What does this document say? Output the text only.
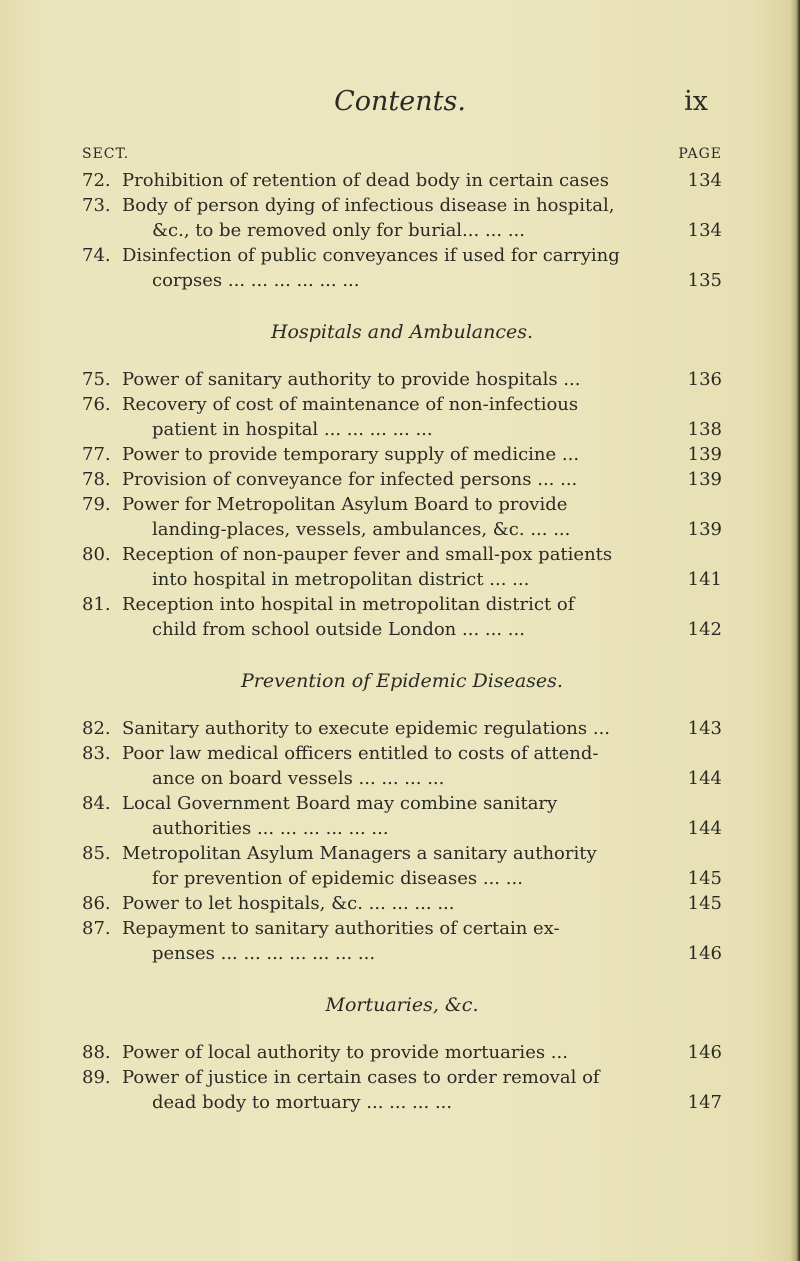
Contents.	ix
SECT.	PAGE
72. Prohibition of retention of dead body in certain cases	134
73. Body of person dying of infectious disease in hospital,
&c., to be removed only for burial... ... ...	134
74. Disinfection of public conveyances if used for carrying
corpses ... ... ... ... ... ...	135
Hospitals and Ambulances.
75. Power of sanitary authority to provide hospitals ...	136
76. Recovery of cost of maintenance of non-infectious
patient in hospital ... ... ... ... ...	138
77. Power to provide temporary supply of medicine ...	139
78. Provision of conveyance for infected persons ... ...	139
79. Power for Metropolitan Asylum Board to provide
landing-places, vessels, ambulances, &c. ... ...	139
80. Reception of non-pauper fever and small-pox patients
into hospital in metropolitan district ... ...	141
81. Reception into hospital in metropolitan district of
child from school outside London ... ... ...	142
Prevention of Epidemic Diseases.
82. Sanitary authority to execute epidemic regulations ...	143
83. Poor law medical officers entitled to costs of attend-
ance on board vessels ... ... ... ...	144
84. Local Government Board may combine sanitary
authorities ... ... ... ... ... ...	144
85. Metropolitan Asylum Managers a sanitary authority
for prevention of epidemic diseases ... ...	145
86. Power to let hospitals, &c. ... ... ... ...	145
87. Repayment to sanitary authorities of certain ex-
penses ... ... ... ... ... ... ...	146
Mortuaries, &c.
88. Power of local authority to provide mortuaries ...	146
89. Power of justice in certain cases to order removal of
dead body to mortuary ... ... ... ...	147
